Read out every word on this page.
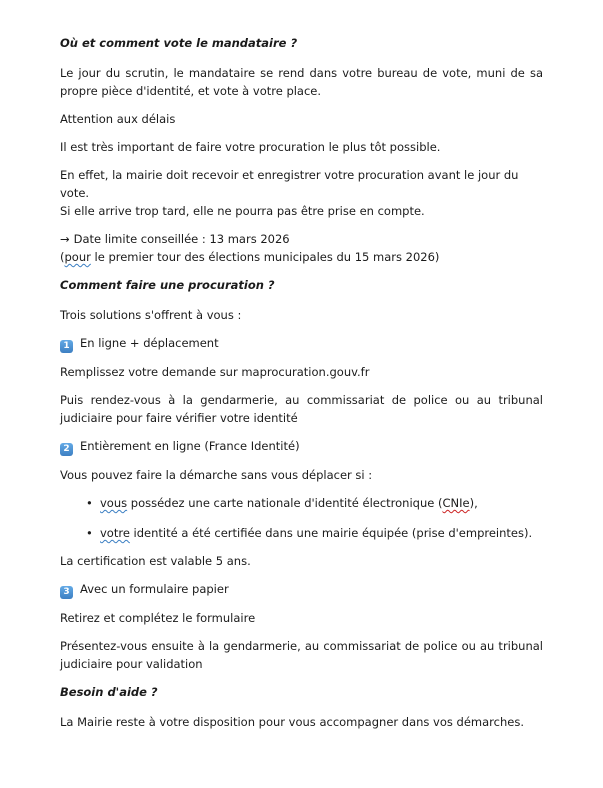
Où et comment vote le mandataire ?

Le jour du scrutin, le mandataire se rend dans votre bureau de vote, muni de sa propre pièce d'identité, et vote à votre place.

Attention aux délais

Il est très important de faire votre procuration le plus tôt possible.

En effet, la mairie doit recevoir et enregistrer votre procuration avant le jour du vote.
Si elle arrive trop tard, elle ne pourra pas être prise en compte.

→ Date limite conseillée : 13 mars 2026
(pour le premier tour des élections municipales du 15 mars 2026)

Comment faire une procuration ?

Trois solutions s'offrent à vous :

1 En ligne + déplacement

Remplissez votre demande sur maprocuration.gouv.fr

Puis rendez-vous à la gendarmerie, au commissariat de police ou au tribunal judiciaire pour faire vérifier votre identité

2 Entièrement en ligne (France Identité)

Vous pouvez faire la démarche sans vous déplacer si :

• vous possédez une carte nationale d'identité électronique (CNIe),
• votre identité a été certifiée dans une mairie équipée (prise d'empreintes).

La certification est valable 5 ans.

3 Avec un formulaire papier

Retirez et complétez le formulaire

Présentez-vous ensuite à la gendarmerie, au commissariat de police ou au tribunal judiciaire pour validation

Besoin d'aide ?

La Mairie reste à votre disposition pour vous accompagner dans vos démarches.
